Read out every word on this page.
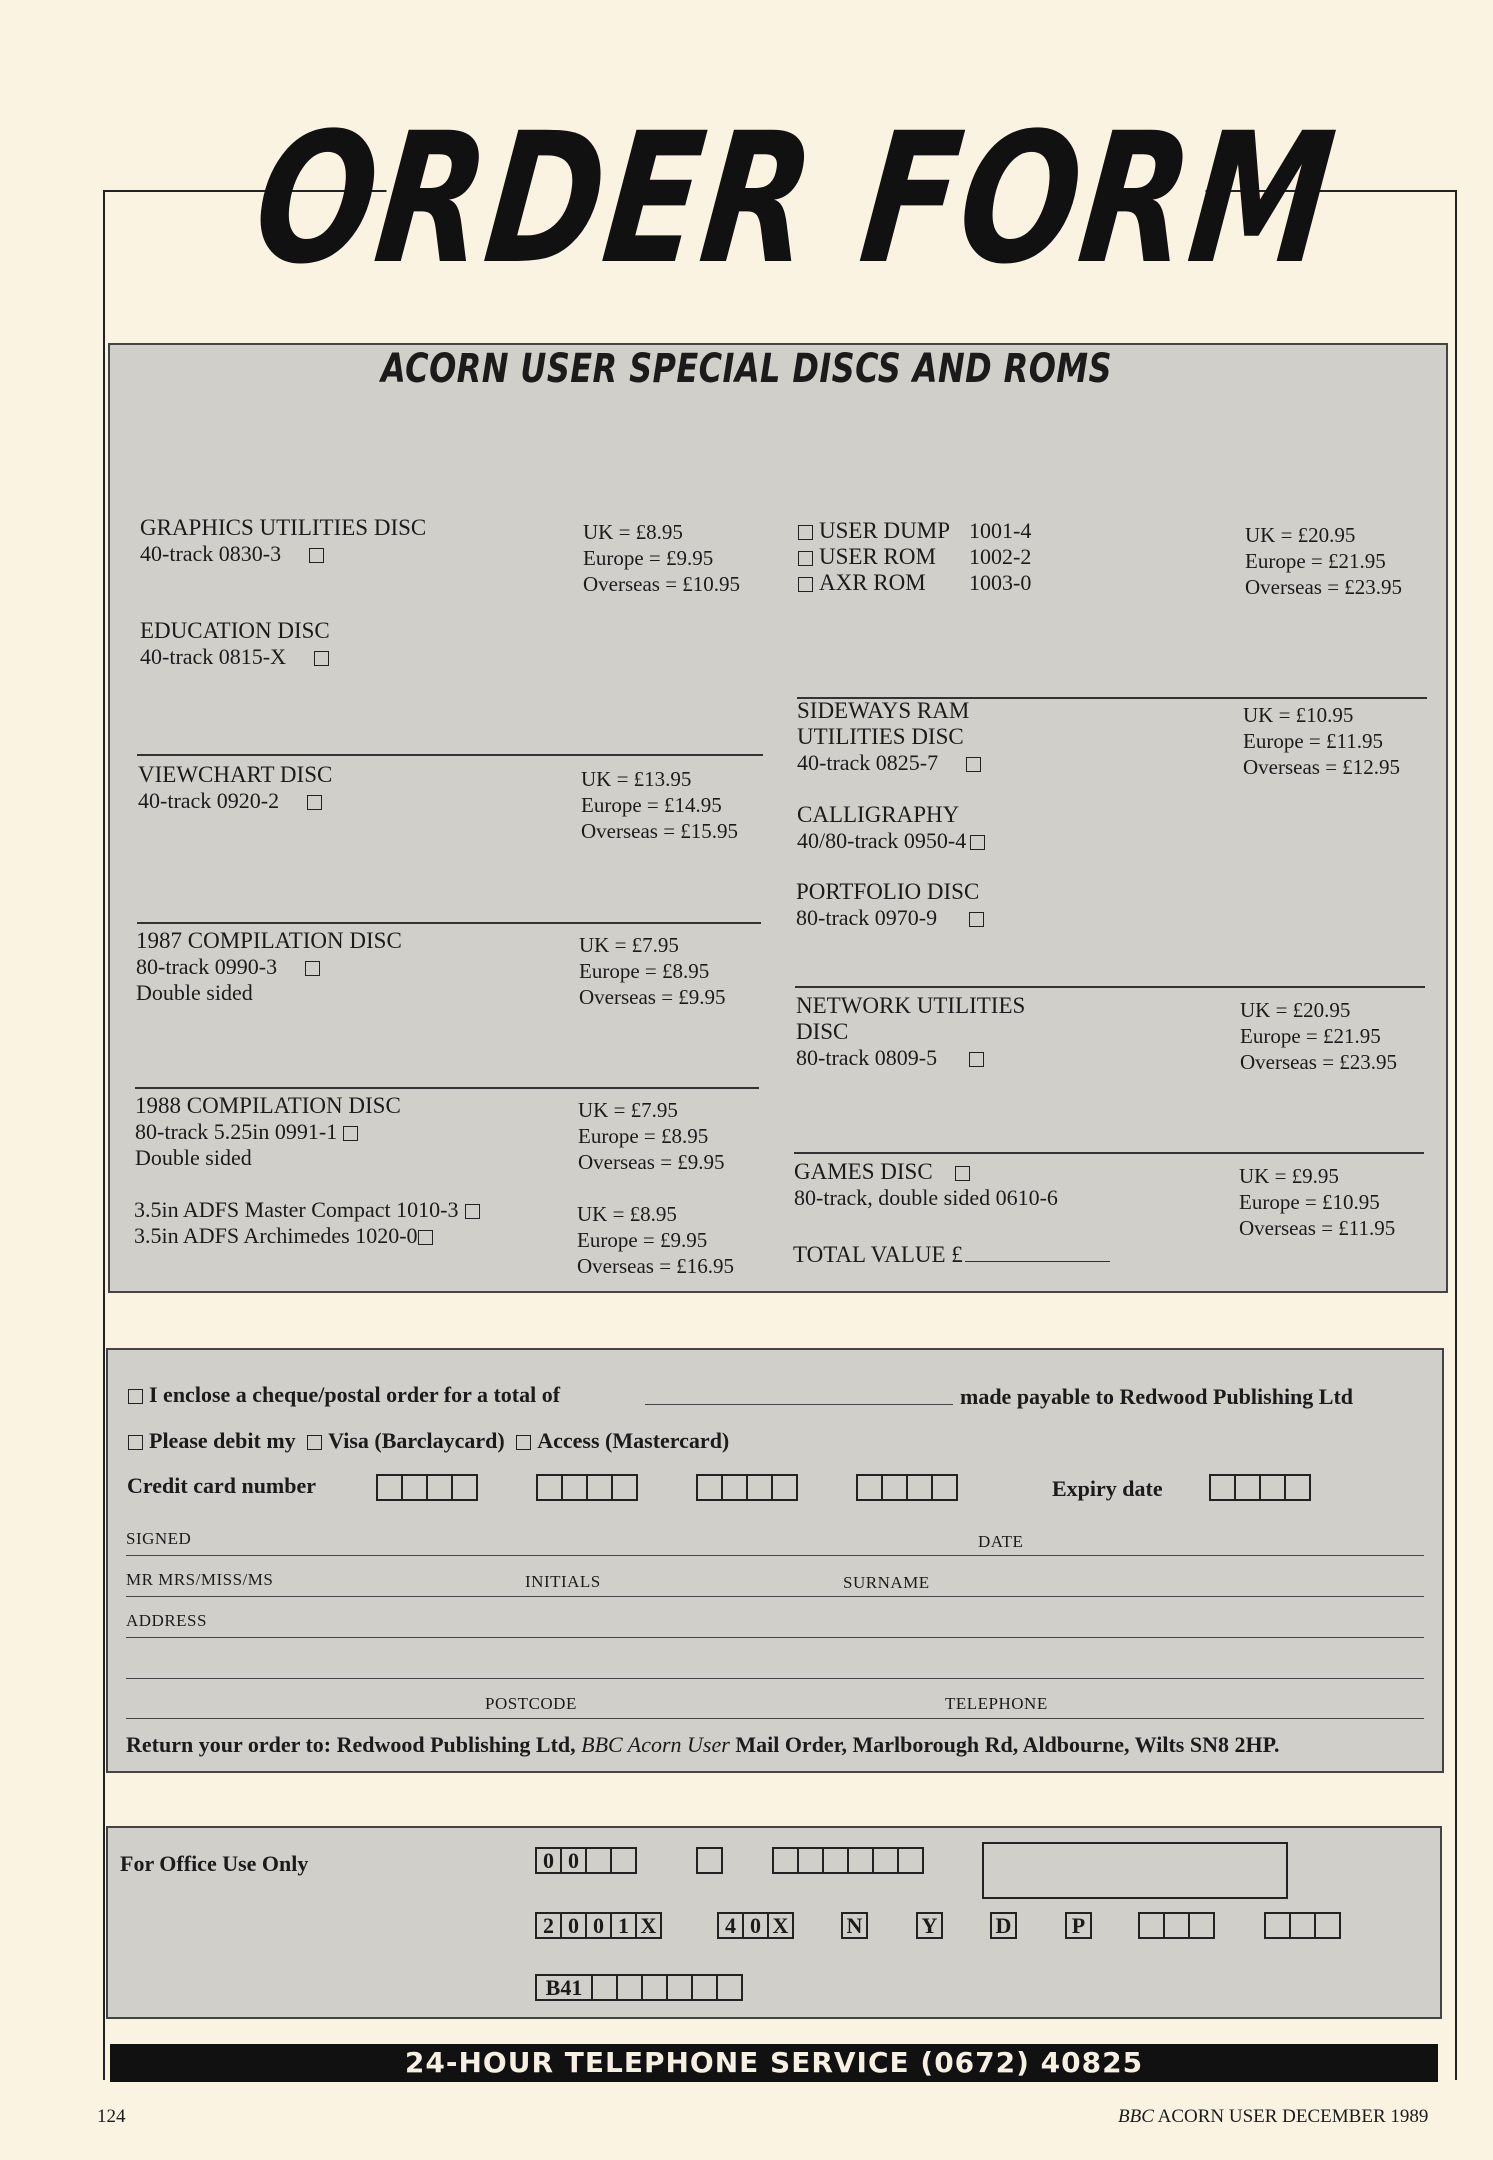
ORDER FORM
ACORN USER SPECIAL DISCS AND ROMS
GRAPHICS UTILITIES DISC
40-track 0830-3
UK = £8.95
Europe = £9.95
Overseas = £10.95
EDUCATION DISC
40-track 0815-X
VIEWCHART DISC
40-track 0920-2
UK = £13.95
Europe = £14.95
Overseas = £15.95
1987 COMPILATION DISC
80-track 0990-3
Double sided
UK = £7.95
Europe = £8.95
Overseas = £9.95
1988 COMPILATION DISC
80-track 5.25in 0991-1
Double sided
UK = £7.95
Europe = £8.95
Overseas = £9.95
3.5in ADFS Master Compact 1010-3
3.5in ADFS Archimedes 1020-0
UK = £8.95
Europe = £9.95
Overseas = £16.95
USER DUMP 1001-4
USER ROM 1002-2
AXR ROM 1003-0
UK = £20.95
Europe = £21.95
Overseas = £23.95
SIDEWAYS RAM
UTILITIES DISC
40-track 0825-7
UK = £10.95
Europe = £11.95
Overseas = £12.95
CALLIGRAPHY
40/80-track 0950-4
PORTFOLIO DISC
80-track 0970-9
NETWORK UTILITIES
DISC
80-track 0809-5
UK = £20.95
Europe = £21.95
Overseas = £23.95
GAMES DISC
80-track, double sided 0610-6
UK = £9.95
Europe = £10.95
Overseas = £11.95
TOTAL VALUE £
I enclose a cheque/postal order for a total of	made payable to Redwood Publishing Ltd
Please debit my Visa (Barclaycard) Access (Mastercard)
Credit card number	Expiry date
SIGNED	DATE
MR MRS/MISS/MS	INITIALS	SURNAME
ADDRESS
POSTCODE	TELEPHONE
Return your order to: Redwood Publishing Ltd, BBC Acorn User Mail Order, Marlborough Rd, Aldbourne, Wilts SN8 2HP.
For Office Use Only	0 0
2 0 0 1 X	4 0 X	N	Y	D	P
B41
24-HOUR TELEPHONE SERVICE (0672) 40825
124	BBC ACORN USER DECEMBER 1989
